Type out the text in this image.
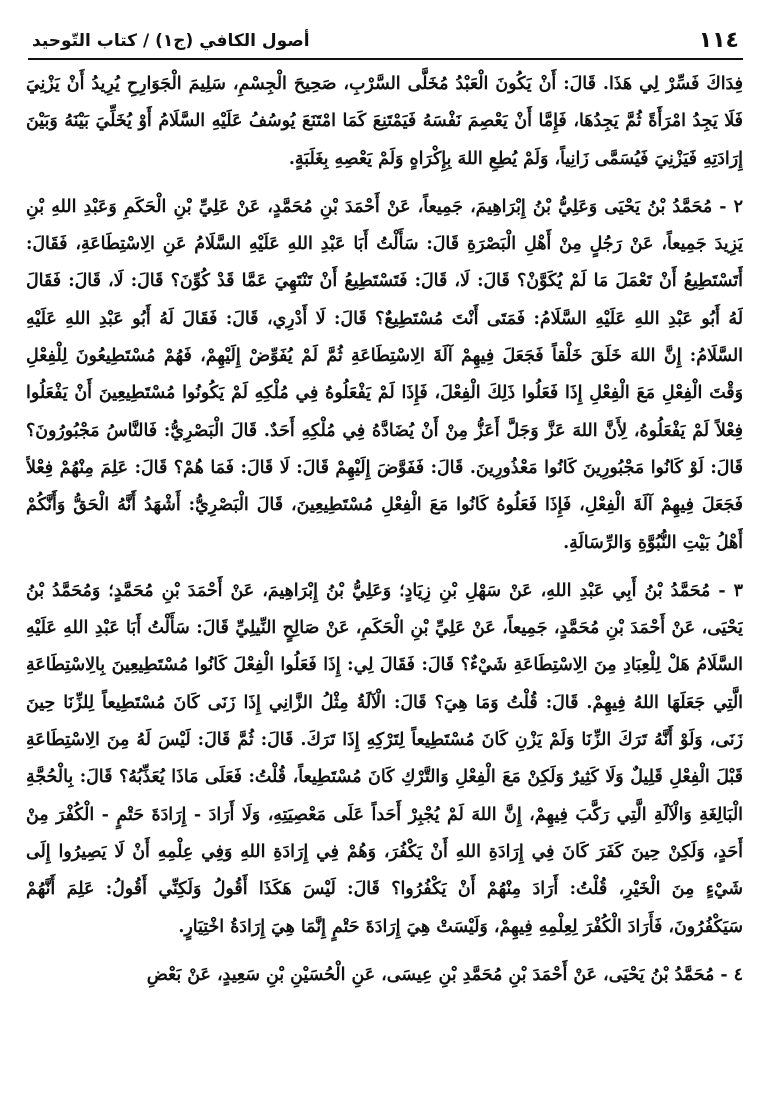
١١٤
أصول الكافي (ج١) / كتاب التّوحيد

فِدَاكَ فَسِّرْ لِي هَذَا. قَالَ: أَنْ يَكُونَ الْعَبْدُ مُخَلَّى السَّرْبِ، صَحِيحَ الْجِسْمِ، سَلِيمَ الْجَوَارِحِ يُرِيدُ أَنْ يَزْنِيَ فَلَا يَجِدُ امْرَأَةً ثُمَّ يَجِدُهَا، فَإِمَّا أَنْ يَعْصِمَ نَفْسَهُ فَيَمْتَنِعَ كَمَا امْتَنَعَ يُوسُفُ عَلَيْهِ السَّلَامُ أَوْ يُخَلِّيَ بَيْنَهُ وَبَيْنَ إِرَادَتِهِ فَيَزْنِيَ فَيُسَمَّى زَانِياً، وَلَمْ يُطِعِ اللهَ بِإِكْرَاهٍ وَلَمْ يَعْصِهِ بِغَلَبَةٍ.

٢ - مُحَمَّدُ بْنُ يَحْيَى وَعَلِيُّ بْنُ إِبْرَاهِيمَ، جَمِيعاً، عَنْ أَحْمَدَ بْنِ مُحَمَّدٍ، عَنْ عَلِيِّ بْنِ الْحَكَمِ وَعَبْدِ اللهِ بْنِ يَزِيدَ جَمِيعاً، عَنْ رَجُلٍ مِنْ أَهْلِ الْبَصْرَةِ قَالَ: سَأَلْتُ أَبَا عَبْدِ اللهِ عَلَيْهِ السَّلَامُ عَنِ الِاسْتِطَاعَةِ، فَقَالَ: أَتَسْتَطِيعُ أَنْ تَعْمَلَ مَا لَمْ يُكَوَّنْ؟ قَالَ: لَا، قَالَ: فَتَسْتَطِيعُ أَنْ تَنْتَهِيَ عَمَّا قَدْ كُوِّنَ؟ قَالَ: لَا، قَالَ: فَقَالَ لَهُ أَبُو عَبْدِ اللهِ عَلَيْهِ السَّلَامُ: فَمَتَى أَنْتَ مُسْتَطِيعٌ؟ قَالَ: لَا أَدْرِي، قَالَ: فَقَالَ لَهُ أَبُو عَبْدِ اللهِ عَلَيْهِ السَّلَامُ: إِنَّ اللهَ خَلَقَ خَلْقاً فَجَعَلَ فِيهِمْ آلَةَ الِاسْتِطَاعَةِ ثُمَّ لَمْ يُفَوِّضْ إِلَيْهِمْ، فَهُمْ مُسْتَطِيعُونَ لِلْفِعْلِ وَقْتَ الْفِعْلِ مَعَ الْفِعْلِ إِذَا فَعَلُوا ذَلِكَ الْفِعْلَ، فَإِذَا لَمْ يَفْعَلُوهُ فِي مُلْكِهِ لَمْ يَكُونُوا مُسْتَطِيعِينَ أَنْ يَفْعَلُوا فِعْلاً لَمْ يَفْعَلُوهُ، لِأَنَّ اللهَ عَزَّ وَجَلَّ أَعَزُّ مِنْ أَنْ يُضَادَّهُ فِي مُلْكِهِ أَحَدٌ. قَالَ الْبَصْرِيُّ: فَالنَّاسُ مَجْبُورُونَ؟ قَالَ: لَوْ كَانُوا مَجْبُورِينَ كَانُوا مَعْذُورِينَ. قَالَ: فَفَوَّضَ إِلَيْهِمْ قَالَ: لَا قَالَ: فَمَا هُمْ؟ قَالَ: عَلِمَ مِنْهُمْ فِعْلاً فَجَعَلَ فِيهِمْ آلَةَ الْفِعْلِ، فَإِذَا فَعَلُوهُ كَانُوا مَعَ الْفِعْلِ مُسْتَطِيعِينَ، قَالَ الْبَصْرِيُّ: أَشْهَدُ أَنَّهُ الْحَقُّ وَأَنَّكُمْ أَهْلُ بَيْتِ النُّبُوَّةِ وَالرِّسَالَةِ.

٣ - مُحَمَّدُ بْنُ أَبِي عَبْدِ اللهِ، عَنْ سَهْلِ بْنِ زِيَادٍ؛ وَعَلِيُّ بْنُ إِبْرَاهِيمَ، عَنْ أَحْمَدَ بْنِ مُحَمَّدٍ؛ وَمُحَمَّدُ بْنُ يَحْيَى، عَنْ أَحْمَدَ بْنِ مُحَمَّدٍ، جَمِيعاً، عَنْ عَلِيِّ بْنِ الْحَكَمِ، عَنْ صَالِحٍ النِّيلِيِّ قَالَ: سَأَلْتُ أَبَا عَبْدِ اللهِ عَلَيْهِ السَّلَامُ هَلْ لِلْعِبَادِ مِنَ الِاسْتِطَاعَةِ شَيْءٌ؟ قَالَ: فَقَالَ لِي: إِذَا فَعَلُوا الْفِعْلَ كَانُوا مُسْتَطِيعِينَ بِالِاسْتِطَاعَةِ الَّتِي جَعَلَهَا اللهُ فِيهِمْ. قَالَ: قُلْتُ وَمَا هِيَ؟ قَالَ: الْآلَةُ مِثْلُ الزَّانِي إِذَا زَنَى كَانَ مُسْتَطِيعاً لِلزِّنَا حِينَ زَنَى، وَلَوْ أَنَّهُ تَرَكَ الزِّنَا وَلَمْ يَزْنِ كَانَ مُسْتَطِيعاً لِتَرْكِهِ إِذَا تَرَكَ. قَالَ: ثُمَّ قَالَ: لَيْسَ لَهُ مِنَ الِاسْتِطَاعَةِ قَبْلَ الْفِعْلِ قَلِيلٌ وَلَا كَثِيرٌ وَلَكِنْ مَعَ الْفِعْلِ وَالتَّرْكِ كَانَ مُسْتَطِيعاً، قُلْتُ: فَعَلَى مَاذَا يُعَذِّبُهُ؟ قَالَ: بِالْحُجَّةِ الْبَالِغَةِ وَالْآلَةِ الَّتِي رَكَّبَ فِيهِمْ، إِنَّ اللهَ لَمْ يُجْبِرْ أَحَداً عَلَى مَعْصِيَتِهِ، وَلَا أَرَادَ - إِرَادَةَ حَتْمٍ - الْكُفْرَ مِنْ أَحَدٍ، وَلَكِنْ حِينَ كَفَرَ كَانَ فِي إِرَادَةِ اللهِ أَنْ يَكْفُرَ، وَهُمْ فِي إِرَادَةِ اللهِ وَفِي عِلْمِهِ أَنْ لَا يَصِيرُوا إِلَى شَيْءٍ مِنَ الْخَيْرِ، قُلْتُ: أَرَادَ مِنْهُمْ أَنْ يَكْفُرُوا؟ قَالَ: لَيْسَ هَكَذَا أَقُولُ وَلَكِنِّي أَقُولُ: عَلِمَ أَنَّهُمْ سَيَكْفُرُونَ، فَأَرَادَ الْكُفْرَ لِعِلْمِهِ فِيهِمْ، وَلَيْسَتْ هِيَ إِرَادَةَ حَتْمٍ إِنَّمَا هِيَ إِرَادَةُ اخْتِيَارٍ.

٤ - مُحَمَّدُ بْنُ يَحْيَى، عَنْ أَحْمَدَ بْنِ مُحَمَّدِ بْنِ عِيسَى، عَنِ الْحُسَيْنِ بْنِ سَعِيدٍ، عَنْ بَعْضِ
